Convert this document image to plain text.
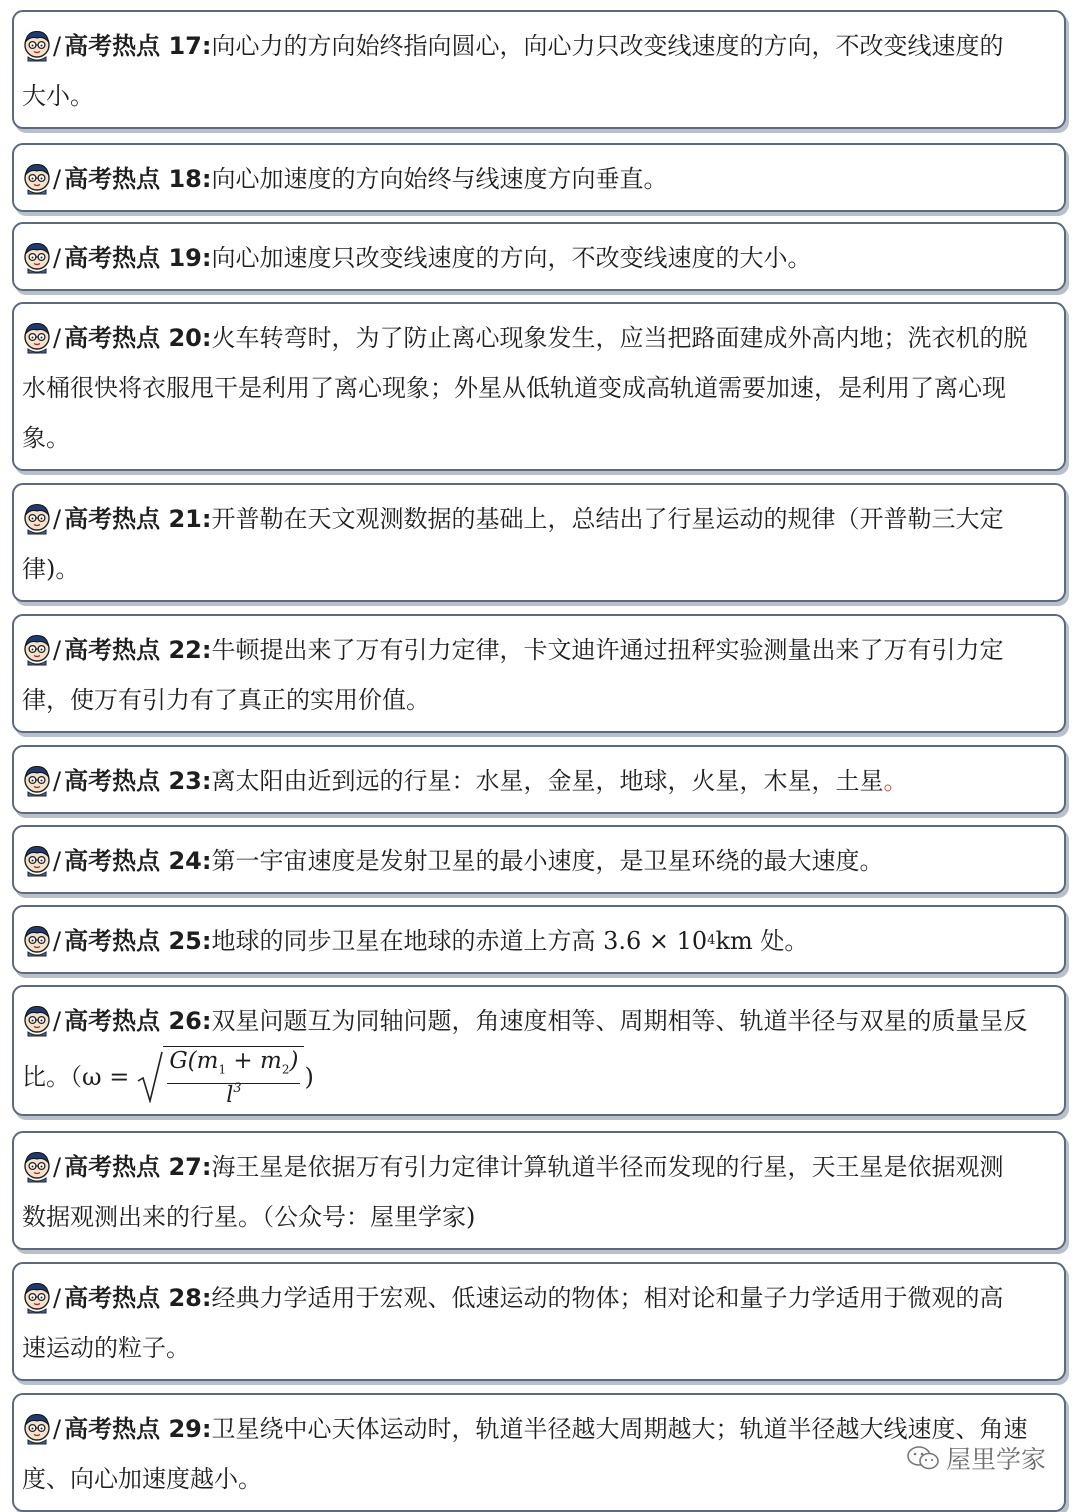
/ 高考热点 17: 向心力的方向始终指向圆心，向心力只改变线速度的方向，不改变线速度的
大小。
/ 高考热点 18: 向心加速度的方向始终与线速度方向垂直。
/ 高考热点 19: 向心加速度只改变线速度的方向，不改变线速度的大小。
/ 高考热点 20: 火车转弯时，为了防止离心现象发生，应当把路面建成外高内地；洗衣机的脱
水桶很快将衣服甩干是利用了离心现象；外星从低轨道变成高轨道需要加速，是利用了离心现
象。
/ 高考热点 21: 开普勒在天文观测数据的基础上，总结出了行星运动的规律（开普勒三大定
律)。
/ 高考热点 22: 牛顿提出来了万有引力定律，卡文迪许通过扭秤实验测量出来了万有引力定
律，使万有引力有了真正的实用价值。
/ 高考热点 23: 离太阳由近到远的行星：水星，金星，地球，火星，木星，土星 。
/ 高考热点 24: 第一宇宙速度是发射卫星的最小速度，是卫星环绕的最大速度。
/ 高考热点 25: 地球的同步卫星在地球的赤道上方高 3.6 × 10 4 km 处。
/ 高考热点 26: 双星问题互为同轴问题，角速度相等、周期相等、轨道半径与双星的质量呈反
比。（$\omega = \frac{G(m_1 + m_2)}{l^3}$ )
/ 高考热点 27: 海王星是依据万有引力定律计算轨道半径而发现的行星，天王星是依据观测
数据观测出来的行星。（公众号：屋里学家)
/ 高考热点 28: 经典力学适用于宏观、低速运动的物体；相对论和量子力学适用于微观的高
速运动的粒子。
/ 高考热点 29: 卫星绕中心天体运动时，轨道半径越大周期越大；轨道半径越大线速度、角速
度、向心加速度越小。
屋里学家
